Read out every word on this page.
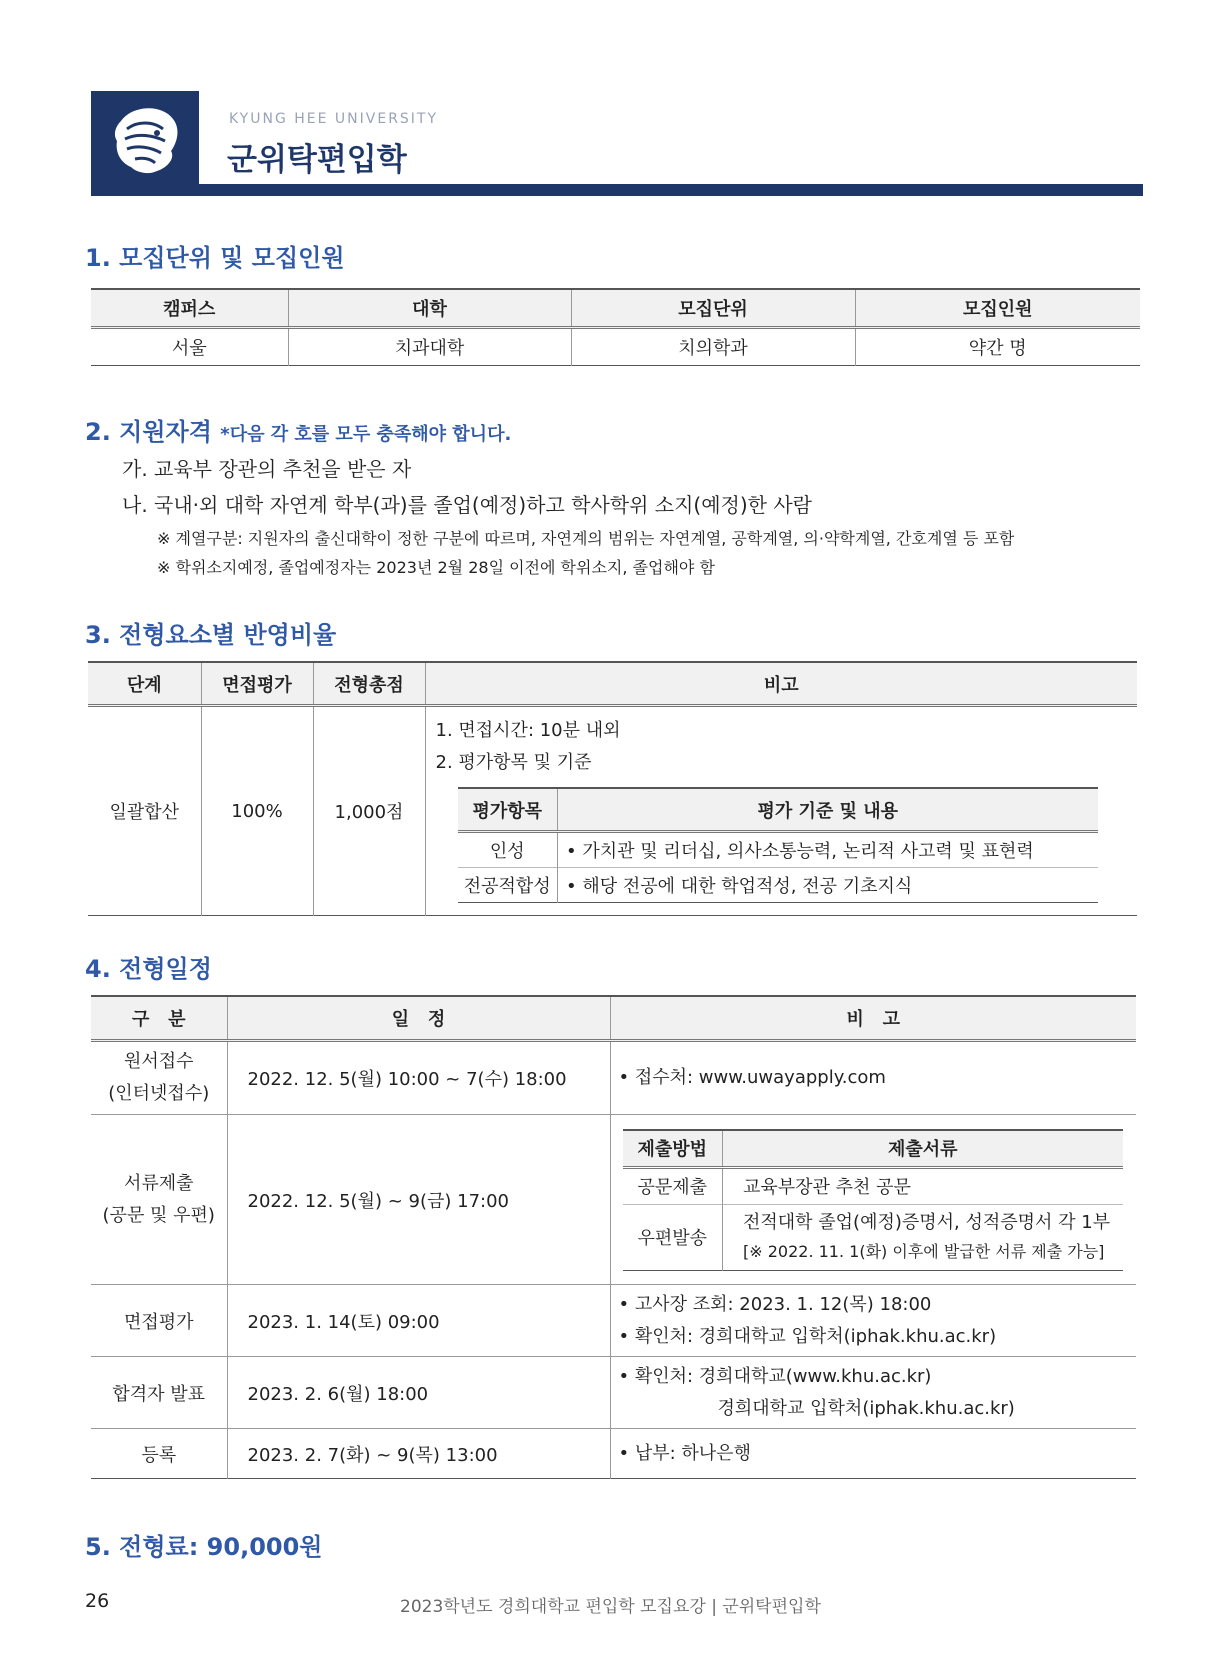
KYUNG HEE UNIVERSITY
군위탁편입학
1. 모집단위 및 모집인원
캠퍼스	대학	모집단위	모집인원
서울	치과대학	치의학과	약간 명
2. 지원자격 *다음 각 호를 모두 충족해야 합니다.
가. 교육부 장관의 추천을 받은 자
나. 국내·외 대학 자연계 학부(과)를 졸업(예정)하고 학사학위 소지(예정)한 사람
※ 계열구분: 지원자의 출신대학이 정한 구분에 따르며, 자연계의 범위는 자연계열, 공학계열, 의·약학계열, 간호계열 등 포함
※ 학위소지예정, 졸업예정자는 2023년 2월 28일 이전에 학위소지, 졸업해야 함
3. 전형요소별 반영비율
단계	면접평가	전형총점	비고
일괄합산	100%	1,000점	
1. 면접시간: 10분 내외
2. 평가항목 및 기준
평가항목	평가 기준 및 내용
인성	• 가치관 및 리더십, 의사소통능력, 논리적 사고력 및 표현력
전공적합성	• 해당 전공에 대한 학업적성, 전공 기초지식
4. 전형일정
구   분	일   정	비   고

원서접수
(인터넷접수)
	2022. 12. 5(월) 10:00 ~ 7(수) 18:00	• 접수처: www.uwayapply.com

서류제출
(공문 및 우편)
	2022. 12. 5(월) ~ 9(금) 17:00	
제출방법	제출서류
공문제출	교육부장관 추천 공문
우편발송	
전적대학 졸업(예정)증명서, 성적증명서 각 1부
[※ 2022. 11. 1(화) 이후에 발급한 서류 제출 가능]

면접평가	2023. 1. 14(토) 09:00	
• 고사장 조회: 2023. 1. 12(목) 18:00
• 확인처: 경희대학교 입학처(iphak.khu.ac.kr)

합격자 발표	2023. 2. 6(월) 18:00	
• 확인처: 경희대학교(www.khu.ac.kr)
경희대학교 입학처(iphak.khu.ac.kr)

등록	2023. 2. 7(화) ~ 9(목) 13:00	• 납부: 하나은행
5. 전형료: 90,000원
26	2023학년도 경희대학교 편입학 모집요강 | 군위탁편입학
